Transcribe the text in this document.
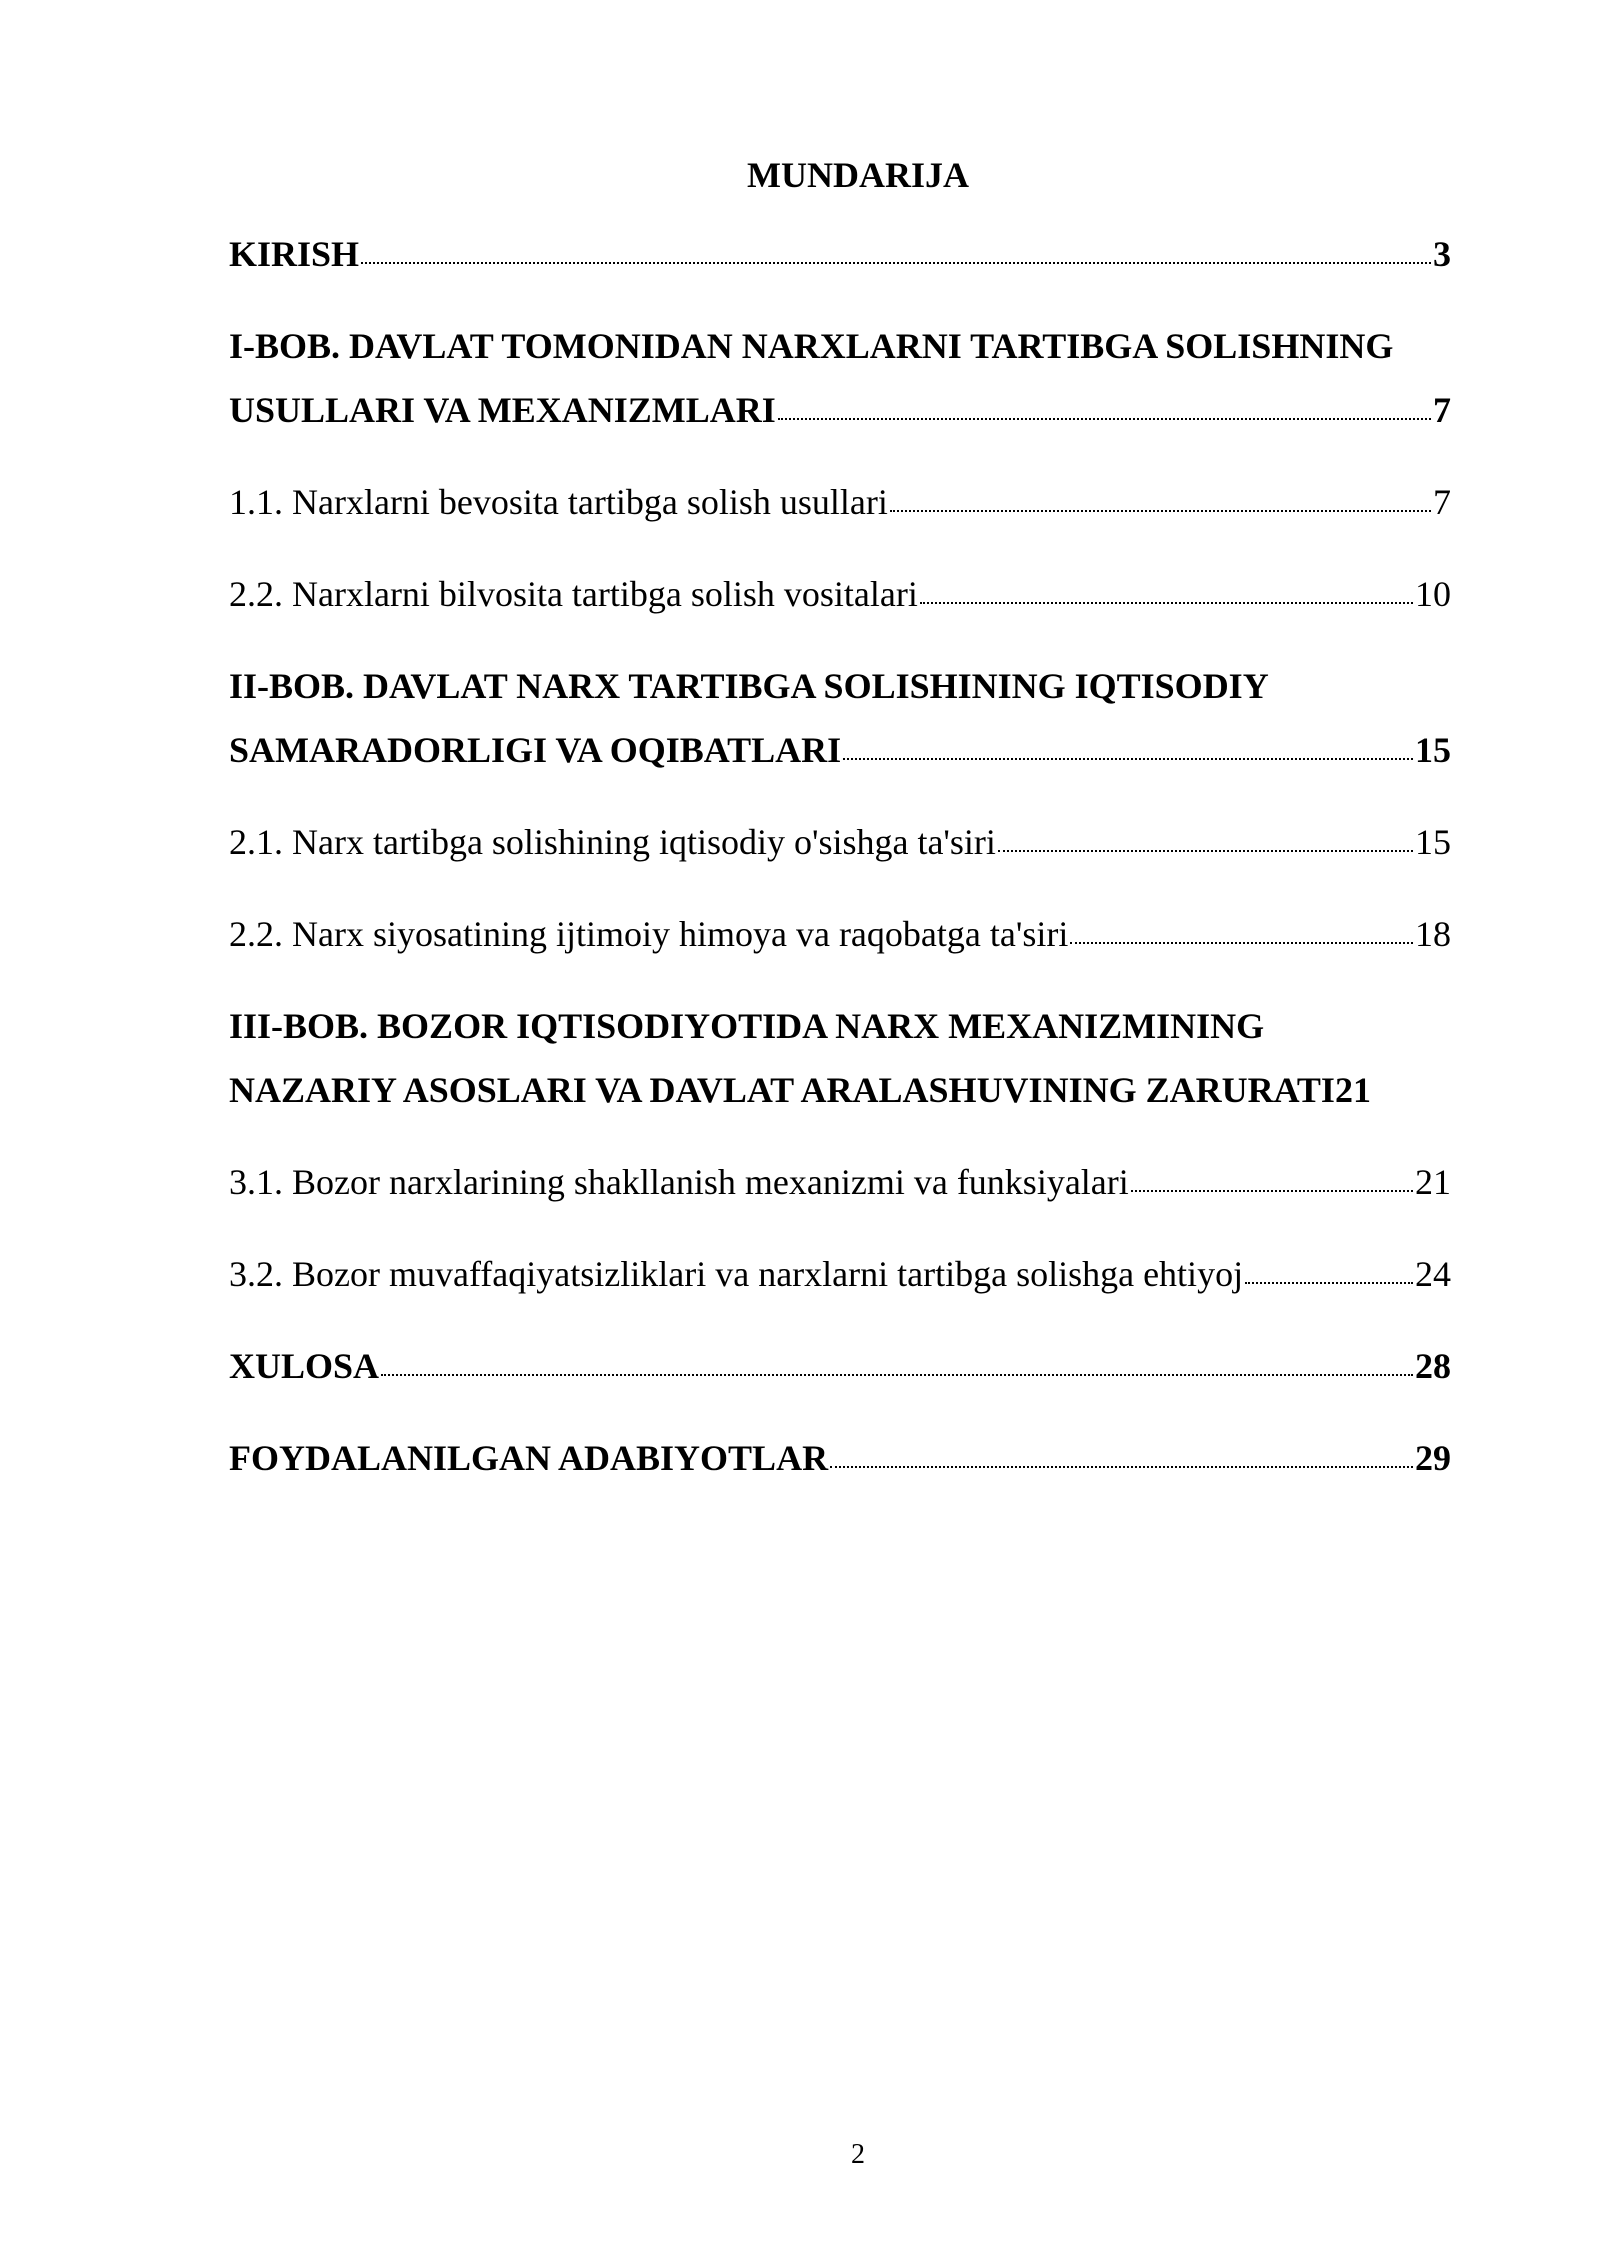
MUNDARIJA
KIRISH	3
I-BOB. DAVLAT TOMONIDAN NARXLARNI TARTIBGA SOLISHNING
USULLARI VA MEXANIZMLARI	7
1.1. Narxlarni bevosita tartibga solish usullari	7
2.2. Narxlarni bilvosita tartibga solish vositalari	10
II-BOB. DAVLAT NARX TARTIBGA SOLISHINING IQTISODIY
SAMARADORLIGI VA OQIBATLARI	15
2.1. Narx tartibga solishining iqtisodiy o'sishga ta'siri	15
2.2. Narx siyosatining ijtimoiy himoya va raqobatga ta'siri	18
III-BOB. BOZOR IQTISODIYOTIDA NARX MEXANIZMINING
NAZARIY ASOSLARI VA DAVLAT ARALASHUVINING ZARURATI 21
3.1. Bozor narxlarining shakllanish mexanizmi va funksiyalari	21
3.2. Bozor muvaffaqiyatsizliklari va narxlarni tartibga solishga ehtiyoj	24
XULOSA	28
FOYDALANILGAN ADABIYOTLAR	29
2
